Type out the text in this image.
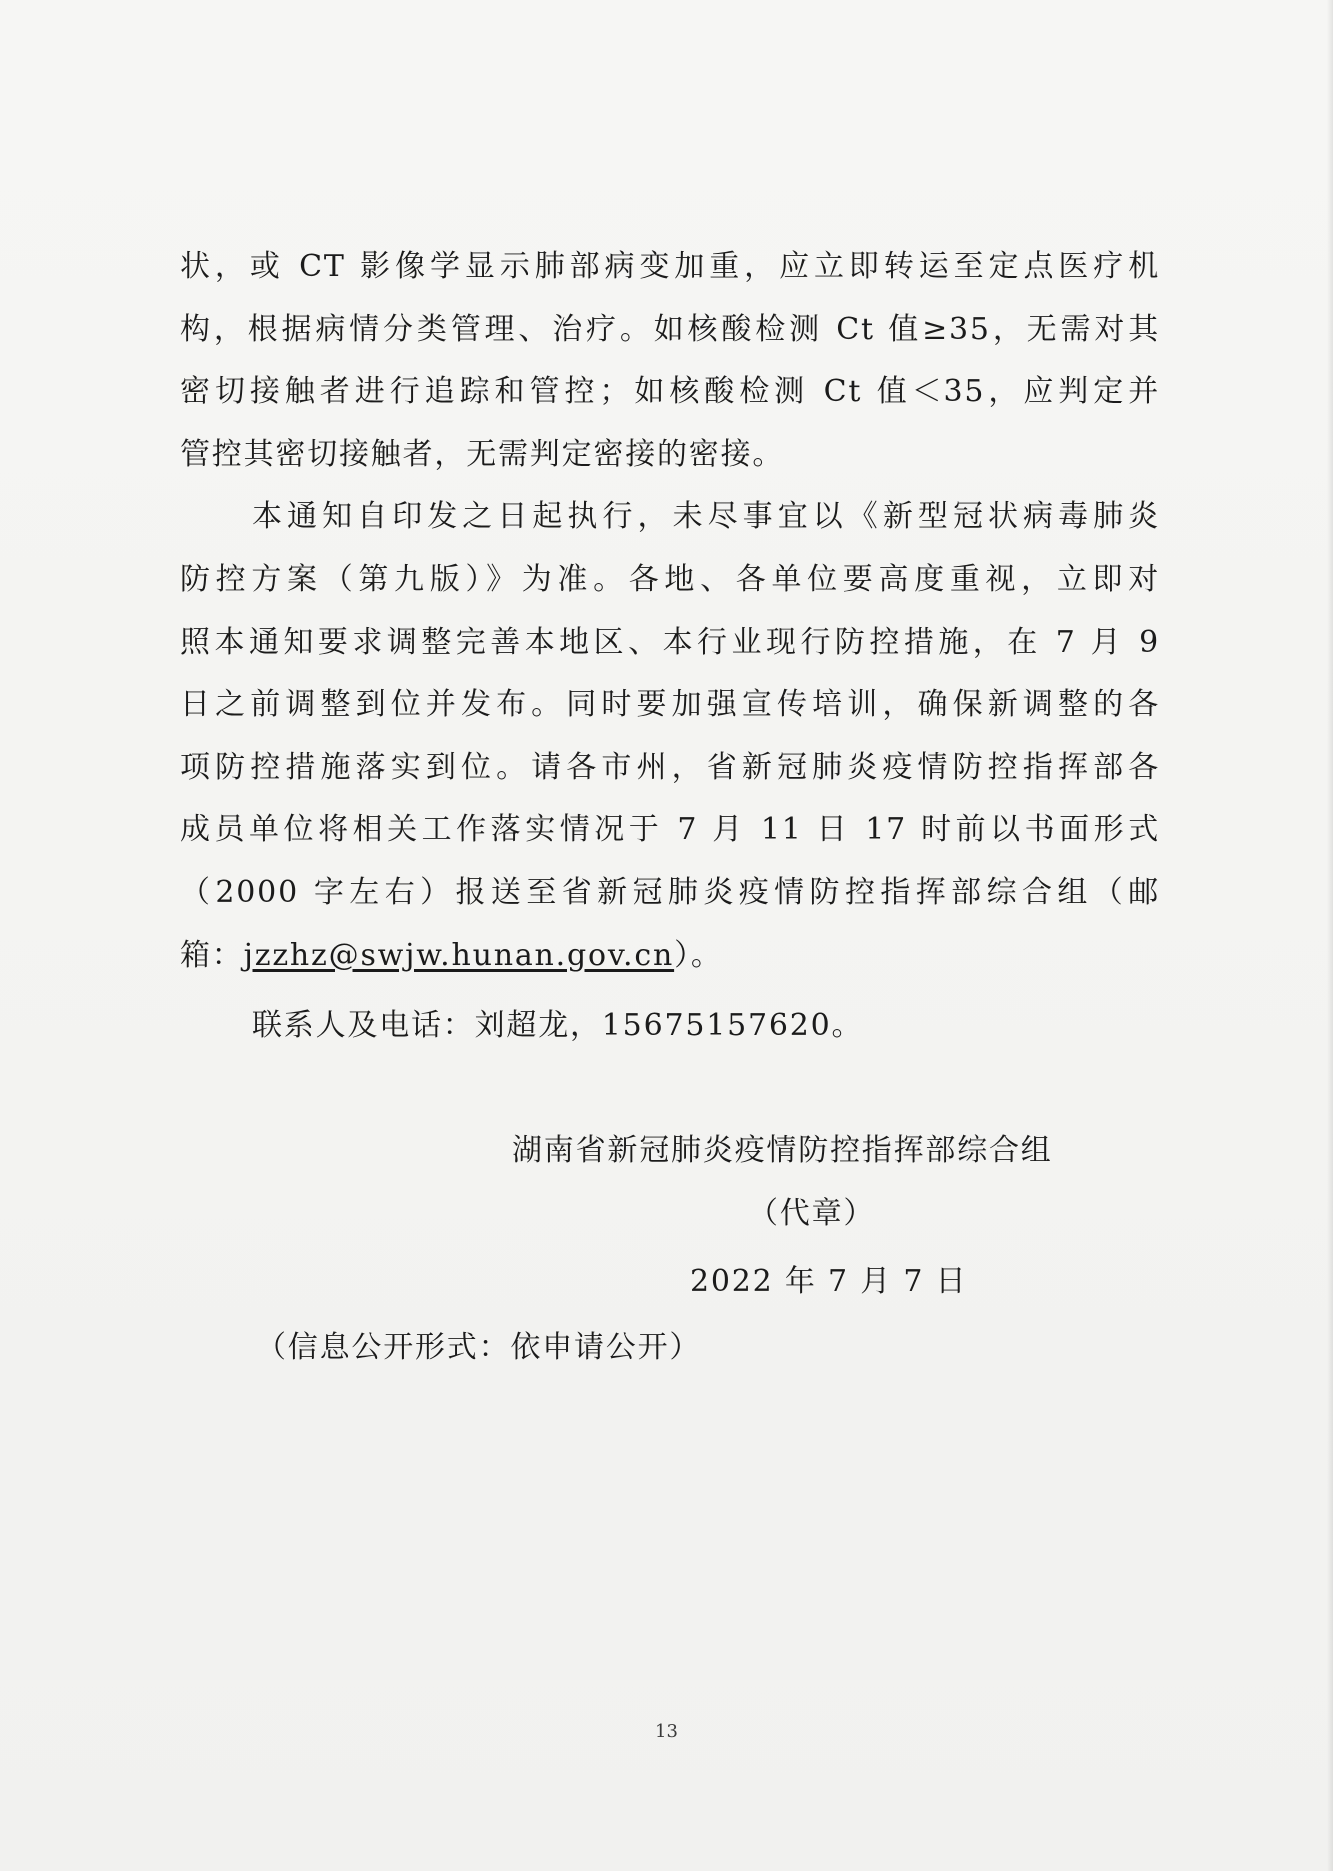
状，或 CT 影像学显示肺部病变加重，应立即转运至定点医疗机
构，根据病情分类管理、治疗。如核酸检测 Ct 值≥35，无需对其
密切接触者进行追踪和管控；如核酸检测 Ct 值＜35，应判定并
管控其密切接触者，无需判定密接的密接。
本通知自印发之日起执行，未尽事宜以《新型冠状病毒肺炎
防控方案（第九版）》为准。各地、各单位要高度重视，立即对
照本通知要求调整完善本地区、本行业现行防控措施，在 7 月 9
日之前调整到位并发布。同时要加强宣传培训，确保新调整的各
项防控措施落实到位。请各市州，省新冠肺炎疫情防控指挥部各
成员单位将相关工作落实情况于 7 月 11 日 17 时前以书面形式
（2000 字左右）报送至省新冠肺炎疫情防控指挥部综合组（邮
箱：jzzhz@swjw.hunan.gov.cn）。
联系人及电话：刘超龙，15675157620。
湖南省新冠肺炎疫情防控指挥部综合组
（代章）
2022 年 7 月 7 日
（信息公开形式：依申请公开）
13
